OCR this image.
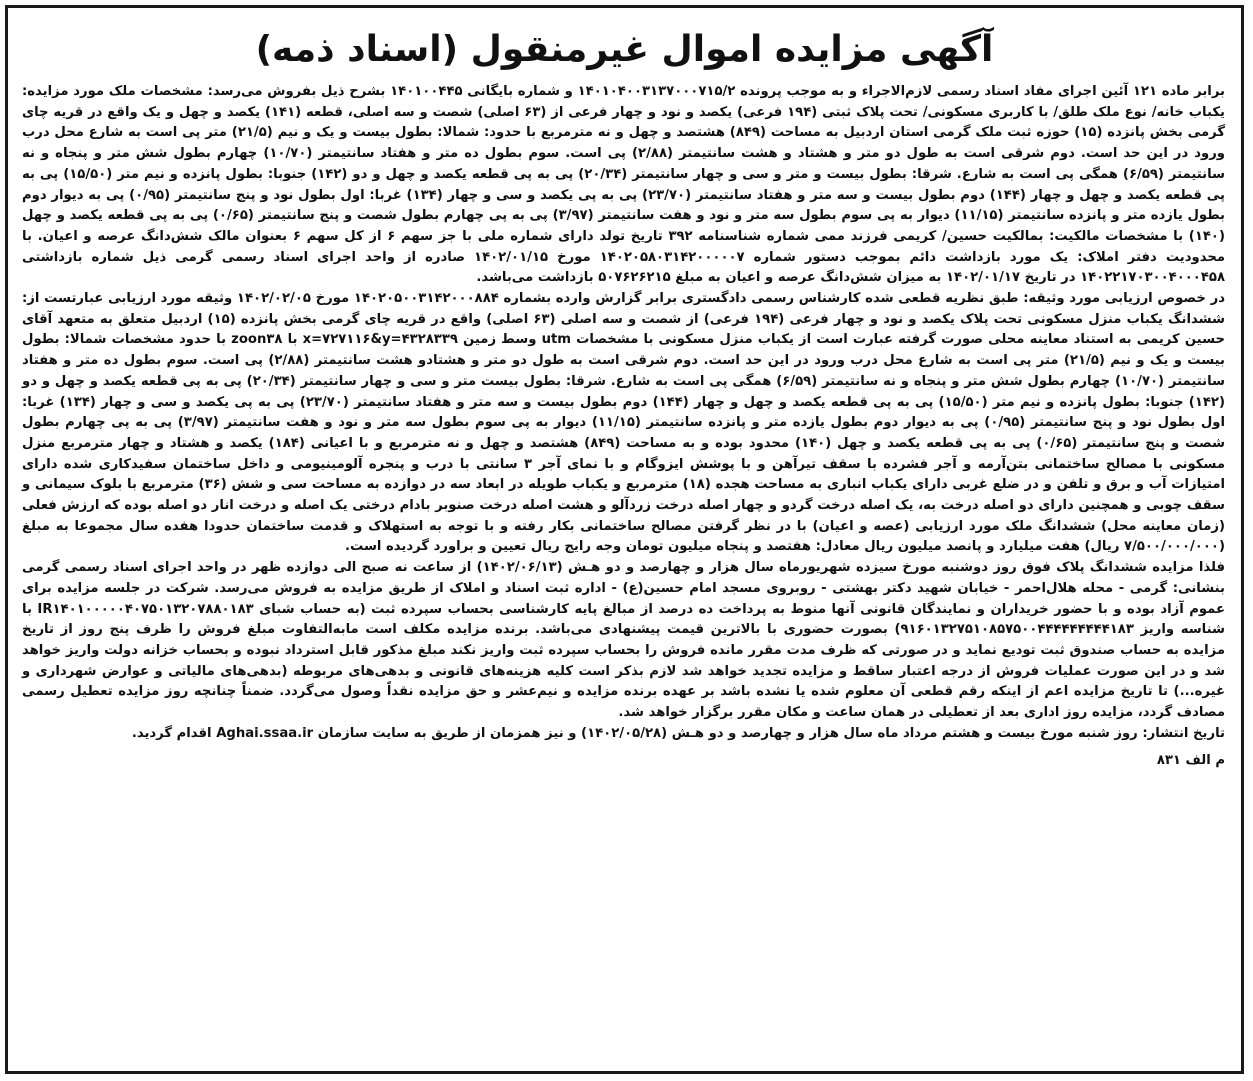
آگهی مزایده اموال غیرمنقول (اسناد ذمه)

برابر ماده ۱۲۱ آئین اجرای مفاد اسناد رسمی لازم‌الاجراء و به موجب پرونده ۱۴۰۱۰۴۰۰۳۱۳۷۰۰۰۷۱۵/۲ و شماره بایگانی ۱۴۰۱۰۰۴۴۵ بشرح ذیل بفروش می‌رسد: مشخصات ملک مورد مزایده: یکباب خانه/ نوع ملک طلق/ با کاربری مسکونی/ تحت پلاک ثبتی (۱۹۴ فرعی) یکصد و نود و چهار فرعی از (۶۳ اصلی) شصت و سه اصلی، قطعه (۱۴۱) یکصد و چهل و یک واقع در قریه چای گرمی بخش پانزده (۱۵) حوزه ثبت ملک گرمی استان اردبیل به مساحت (۸۴۹) هشتصد و چهل و نه مترمربع با حدود: شمالا: بطول بیست و یک و نیم (۲۱/۵) متر پی است به شارع محل درب ورود در این حد است. دوم شرقی است به طول دو متر و هشتاد و هشت سانتیمتر (۲/۸۸) پی است. سوم بطول ده متر و هفتاد سانتیمتر (۱۰/۷۰) چهارم بطول شش متر و پنجاه و نه سانتیمتر (۶/۵۹) همگی پی است به شارع. شرقا: بطول بیست و متر و سی و چهار سانتیمتر (۲۰/۳۴) پی به پی قطعه یکصد و چهل و دو (۱۴۲) جنوبا: بطول پانزده و نیم متر (۱۵/۵۰) پی به پی قطعه یکصد و چهل و چهار (۱۴۴) دوم بطول بیست و سه متر و هفتاد سانتیمتر (۲۳/۷۰) پی به پی یکصد و سی و چهار (۱۳۴) غربا: اول بطول نود و پنج سانتیمتر (۰/۹۵) پی به دیوار دوم بطول یازده متر و پانزده سانتیمتر (۱۱/۱۵) دیوار به پی سوم بطول سه متر و نود و هفت سانتیمتر (۳/۹۷) پی به پی چهارم بطول شصت و پنج سانتیمتر (۰/۶۵) پی به پی قطعه یکصد و چهل (۱۴۰) با مشخصات مالکیت: بمالکیت حسین/ کریمی فرزند ممی شماره شناسنامه ۳۹۲ تاریخ تولد دارای شماره ملی با جز سهم ۶ از کل سهم ۶ بعنوان مالک شش‌دانگ عرصه و اعیان. با محدودیت دفتر املاک: یک مورد بازداشت دائم بموجب دستور شماره ۱۴۰۲۰۵۸۰۳۱۴۲۰۰۰۰۰۷ مورخ ۱۴۰۲/۰۱/۱۵ صادره از واحد اجرای اسناد رسمی گرمی ذیل شماره بازداشتی ۱۴۰۲۲۱۷۰۳۰۰۴۰۰۰۴۵۸ در تاریخ ۱۴۰۲/۰۱/۱۷ به میزان شش‌دانگ عرصه و اعیان به مبلغ ۵۰۷۶۲۶۲۱۵ بازداشت می‌باشد.

در خصوص ارزیابی مورد وثیقه: طبق نظریه قطعی شده کارشناس رسمی دادگستری برابر گزارش وارده بشماره ۱۴۰۲۰۵۰۰۳۱۴۲۰۰۰۸۸۴ مورخ ۱۴۰۲/۰۲/۰۵ وثیقه مورد ارزیابی عبارتست از: ششدانگ یکباب منزل مسکونی تحت پلاک یکصد و نود و چهار فرعی (۱۹۴ فرعی) از شصت و سه اصلی (۶۳ اصلی) واقع در قریه چای گرمی بخش پانزده (۱۵) اردبیل متعلق به متعهد آقای حسین کریمی به استناد معاینه محلی صورت گرفته عبارت است از یکباب منزل مسکونی با مشخصات utm وسط زمین x=۷۲۷۱۱۶&y=۴۳۲۸۳۳۹ با zoon۳۸ با حدود مشخصات شمالا: بطول بیست و یک و نیم (۲۱/۵) متر پی است به شارع محل درب ورود در این حد است. دوم شرقی است به طول دو متر و هشتادو هشت سانتیمتر (۲/۸۸) پی است. سوم بطول ده متر و هفتاد سانتیمتر (۱۰/۷۰) چهارم بطول شش متر و پنجاه و نه سانتیمتر (۶/۵۹) همگی پی است به شارع. شرقا: بطول بیست متر و سی و چهار سانتیمتر (۲۰/۳۴) پی به پی قطعه یکصد و چهل و دو (۱۴۲) جنوبا: بطول پانزده و نیم متر (۱۵/۵۰) پی به پی قطعه یکصد و چهل و چهار (۱۴۴) دوم بطول بیست و سه متر و هفتاد سانتیمتر (۲۳/۷۰) پی به پی یکصد و سی و چهار (۱۳۴) غربا: اول بطول نود و پنج سانتیمتر (۰/۹۵) پی به دیوار دوم بطول یازده متر و پانزده سانتیمتر (۱۱/۱۵) دیوار به پی سوم بطول سه متر و نود و هفت سانتیمتر (۳/۹۷) پی به پی چهارم بطول شصت و پنج سانتیمتر (۰/۶۵) پی به پی قطعه یکصد و چهل (۱۴۰) محدود بوده و به مساحت (۸۴۹) هشتصد و چهل و نه مترمربع و با اعیانی (۱۸۴) یکصد و هشتاد و چهار مترمربع منزل مسکونی با مصالح ساختمانی بتن‌آرمه و آجر فشرده با سقف تیرآهن و با پوشش ایزوگام و با نمای آجر ۳ سانتی با درب و پنجره آلومینیومی و داخل ساختمان سفیدکاری شده دارای امتیازات آب و برق و تلفن و در ضلع غربی دارای یکباب انباری به مساحت هجده (۱۸) مترمربع و یکباب طویله در ابعاد سه در دوازده به مساحت سی و شش (۳۶) مترمربع با بلوک سیمانی و سقف چوبی و همچنین دارای دو اصله درخت به، یک اصله درخت گردو و چهار اصله درخت زردآلو و هشت اصله درخت صنوبر بادام درختی یک اصله و درخت انار دو اصله بوده که ارزش فعلی (زمان معاینه محل) ششدانگ ملک مورد ارزیابی (عصه و اعیان) با در نظر گرفتن مصالح ساختمانی بکار رفته و با توجه به استهلاک و قدمت ساختمان حدودا هفده سال مجموعا به مبلغ (۷/۵۰۰/۰۰۰/۰۰۰ ریال) هفت میلیارد و پانصد میلیون ریال معادل: هفتصد و پنجاه میلیون تومان وجه رایج ریال تعیین و براورد گردیده است.

فلذا مزایده ششدانگ پلاک فوق روز دوشنبه مورخ سیزده شهریورماه سال هزار و چهارصد و دو هـش (۱۴۰۲/۰۶/۱۳) از ساعت نه صبح الی دوازده ظهر در واحد اجرای اسناد رسمی گرمی بنشانی: گرمی - محله هلال‌احمر - خیابان شهید دکتر بهشتی - روبروی مسجد امام حسین(ع) - اداره ثبت اسناد و املاک از طریق مزایده به فروش می‌رسد. شرکت در جلسه مزایده برای عموم آزاد بوده و با حضور خریداران و نمایندگان قانونی آنها منوط به پرداخت ده درصد از مبالغ پایه کارشناسی بحساب سپرده ثبت (به حساب شبای IR۱۴۰۱۰۰۰۰۰۴۰۷۵۰۱۳۲۰۷۸۸۰۱۸۳ با شناسه واریز ۹۱۶۰۱۳۲۷۵۱۰۸۵۷۵۰۰۴۴۴۴۴۴۴۴۴۱۸۳) بصورت حضوری با بالاترین قیمت پیشنهادی می‌باشد. برنده مزایده مکلف است مابه‌التفاوت مبلغ فروش را ظرف پنج روز از تاریخ مزایده به حساب صندوق ثبت تودیع نماید و در صورتی که ظرف مدت مقرر مانده فروش را بحساب سپرده ثبت واریز نکند مبلغ مذکور قابل استرداد نبوده و بحساب خزانه دولت واریز خواهد شد و در این صورت عملیات فروش از درجه اعتبار ساقط و مزایده تجدید خواهد شد لازم بذکر است کلیه هزینه‌های قانونی و بدهی‌های مربوطه (بدهی‌های مالیاتی و عوارض شهرداری و غیره...) تا تاریخ مزایده اعم از اینکه رقم قطعی آن معلوم شده یا نشده باشد بر عهده برنده مزایده و نیم‌عشر و حق مزایده نقداً وصول می‌گردد. ضمناً چنانچه روز مزایده تعطیل رسمی مصادف گردد، مزایده روز اداری بعد از تعطیلی در همان ساعت و مکان مقرر برگزار خواهد شد.

تاریخ انتشار: روز شنبه مورخ بیست و هشتم مرداد ماه سال هزار و چهارصد و دو هـش (۱۴۰۲/۰۵/۲۸) و نیز همزمان از طریق به سایت سازمان Aghai.ssaa.ir اقدام گردید.

م الف ۸۳۱
